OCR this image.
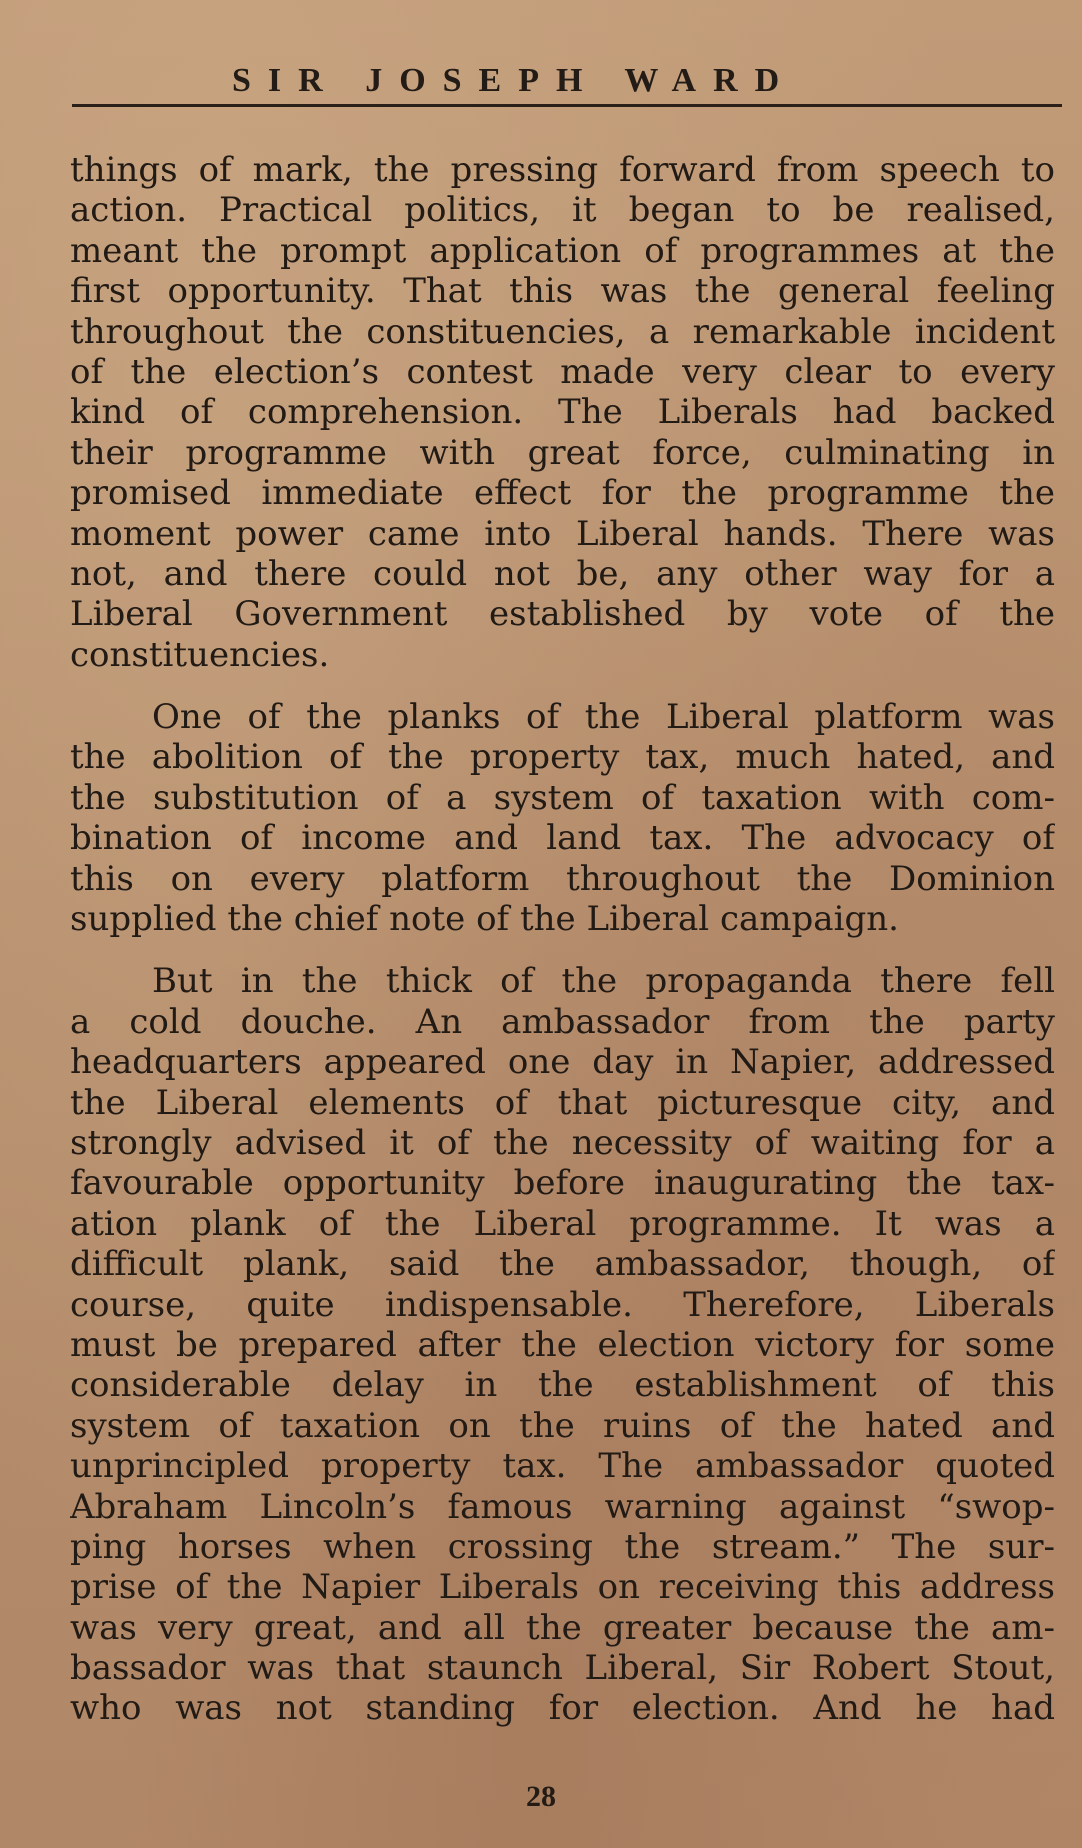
SIR JOSEPH WARD
things of mark, the pressing forward from speech to
action. Practical politics, it began to be realised,
meant the prompt application of programmes at the
first opportunity. That this was the general feeling
throughout the constituencies, a remarkable incident
of the election’s contest made very clear to every
kind of comprehension. The Liberals had backed
their programme with great force, culminating in
promised immediate effect for the programme the
moment power came into Liberal hands. There was
not, and there could not be, any other way for a
Liberal Government established by vote of the
constituencies.
One of the planks of the Liberal platform was
the abolition of the property tax, much hated, and
the substitution of a system of taxation with com-
bination of income and land tax. The advocacy of
this on every platform throughout the Dominion
supplied the chief note of the Liberal campaign.
But in the thick of the propaganda there fell
a cold douche. An ambassador from the party
headquarters appeared one day in Napier, addressed
the Liberal elements of that picturesque city, and
strongly advised it of the necessity of waiting for a
favourable opportunity before inaugurating the tax-
ation plank of the Liberal programme. It was a
difficult plank, said the ambassador, though, of
course, quite indispensable. Therefore, Liberals
must be prepared after the election victory for some
considerable delay in the establishment of this
system of taxation on the ruins of the hated and
unprincipled property tax. The ambassador quoted
Abraham Lincoln’s famous warning against “swop-
ping horses when crossing the stream.” The sur-
prise of the Napier Liberals on receiving this address
was very great, and all the greater because the am-
bassador was that staunch Liberal, Sir Robert Stout,
who was not standing for election. And he had
28
